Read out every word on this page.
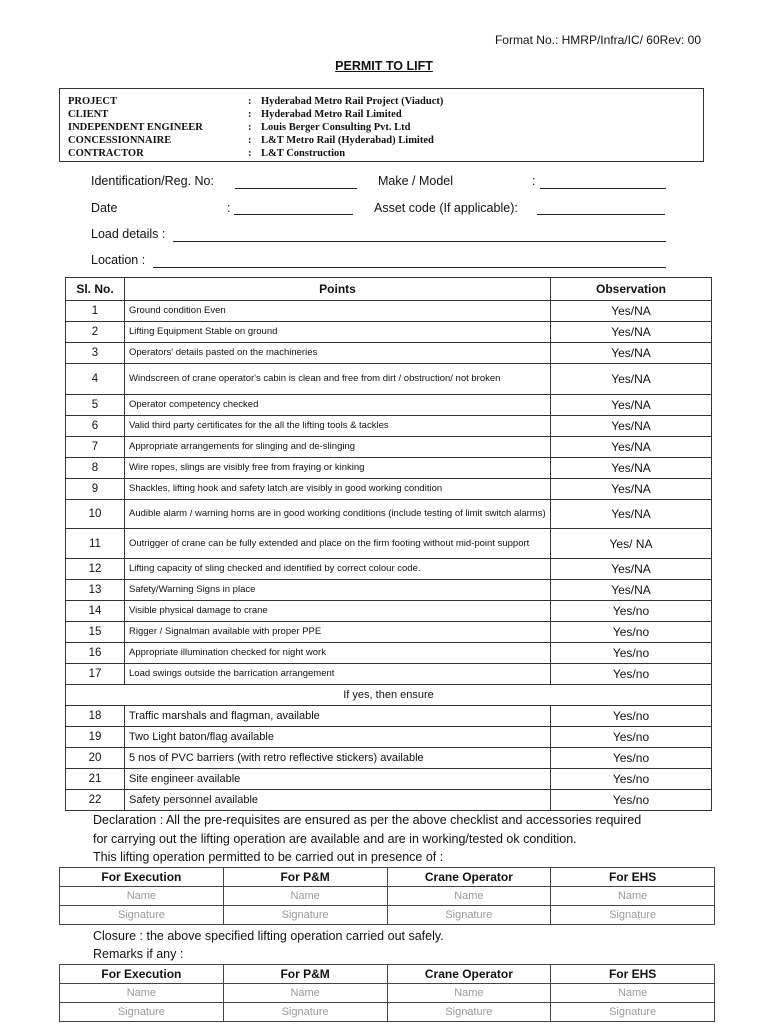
Format No.: HMRP/Infra/IC/ 60Rev: 00
PERMIT TO LIFT
PROJECT	: Hyderabad Metro Rail Project (Viaduct)
CLIENT	: Hyderabad Metro Rail Limited
INDEPENDENT ENGINEER	: Louis Berger Consulting Pvt. Ltd
CONCESSIONNAIRE	: L&T Metro Rail (Hyderabad) Limited
CONTRACTOR	: L&T Construction
Identification/Reg. No:	Make / Model	:
Date	:	Asset code (If applicable):
Load details :
Location :
Sl. No.	Points	Observation
1	Ground condition Even	Yes/NA
2	Lifting Equipment Stable on ground	Yes/NA
3	Operators' details pasted on the machineries	Yes/NA
4	Windscreen of crane operator's cabin is clean and free from dirt / obstruction/ not broken	Yes/NA
5	Operator competency checked	Yes/NA
6	Valid third party certificates for the all the lifting tools & tackles	Yes/NA
7	Appropriate arrangements for slinging and de-slinging	Yes/NA
8	Wire ropes, slings are visibly free from fraying or kinking	Yes/NA
9	Shackles, lifting hook and safety latch are visibly in good working condition	Yes/NA
10	Audible alarm / warning horns are in good working conditions (include testing of limit switch alarms)	Yes/NA
11	Outrigger of crane can be fully extended and place on the firm footing without mid-point support	Yes/ NA
12	Lifting capacity of sling checked and identified by correct colour code.	Yes/NA
13	Safety/Warning Signs in place	Yes/NA
14	Visible physical damage to crane	Yes/no
15	Rigger / Signalman available with proper PPE	Yes/no
16	Appropriate illumination checked for night work	Yes/no
17	Load swings outside the barrication arrangement	Yes/no
If yes, then ensure		
18	Traffic marshals and flagman, available	Yes/no
19	Two Light baton/flag available	Yes/no
20	5 nos of PVC barriers (with retro reflective stickers) available	Yes/no
21	Site engineer available	Yes/no
22	Safety personnel available	Yes/no
Declaration : All the pre-requisites are ensured as per the above checklist and accessories required
for carrying out the lifting operation are available and are in working/tested ok condition.
This lifting operation permitted to be carried out in presence of :
For Execution	For P&M	Crane Operator	For EHS
Name	Name	Name	Name
Signature	Signature	Signature	Signature
Closure : the above specified lifting operation carried out safely.
Remarks if any :
For Execution	For P&M	Crane Operator	For EHS
Name	Name	Name	Name
Signature	Signature	Signature	Signature
